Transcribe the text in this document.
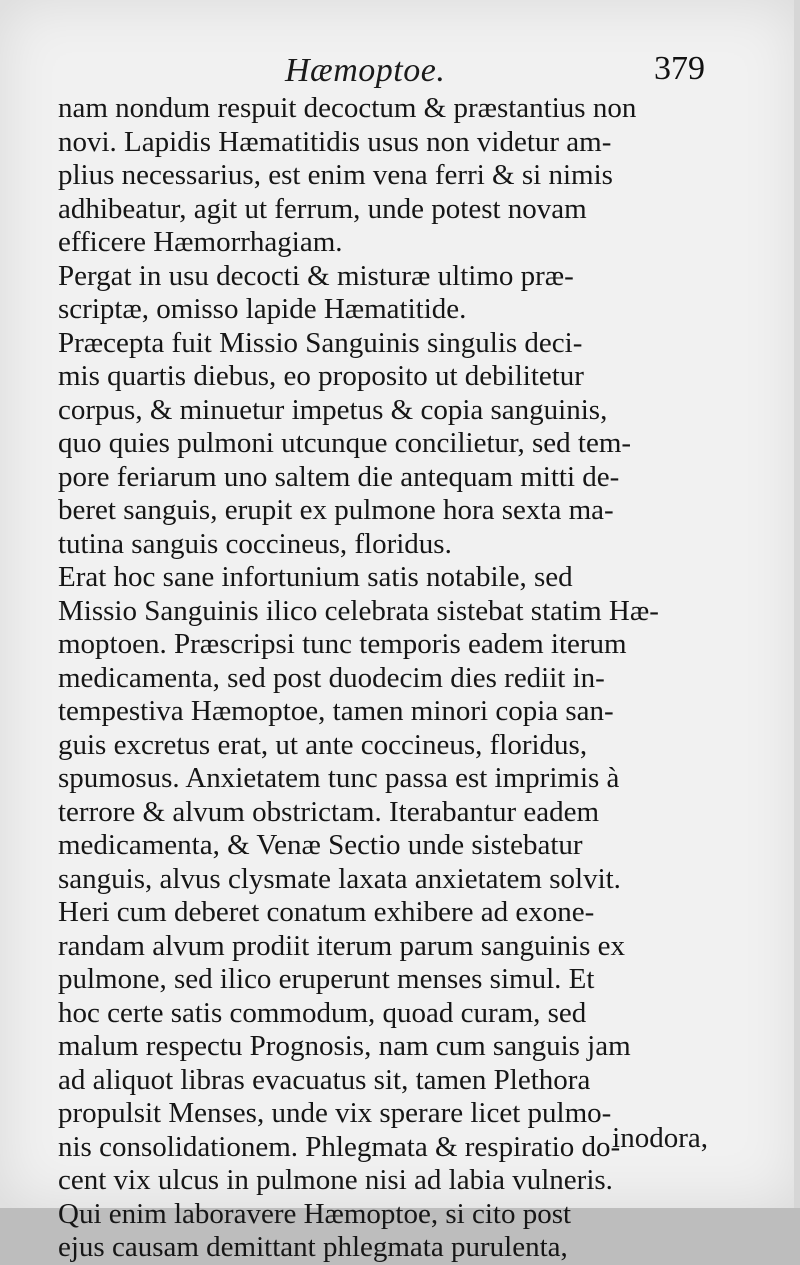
Hæmoptoe.	379
nam nondum respuit decoctum & præstantius non
novi. Lapidis Hæmatitidis usus non videtur am-
plius necessarius, est enim vena ferri & si nimis
adhibeatur, agit ut ferrum, unde potest novam
efficere Hæmorrhagiam.
Pergat in usu decocti & misturæ ultimo præ-
scriptæ, omisso lapide Hæmatitide.
Præcepta fuit Missio Sanguinis singulis deci-
mis quartis diebus, eo proposito ut debilitetur
corpus, & minuetur impetus & copia sanguinis,
quo quies pulmoni utcunque concilietur, sed tem-
pore feriarum uno saltem die antequam mitti de-
beret sanguis, erupit ex pulmone hora sexta ma-
tutina sanguis coccineus, floridus.
Erat hoc sane infortunium satis notabile, sed
Missio Sanguinis ilico celebrata sistebat statim Hæ-
moptoen. Præscripsi tunc temporis eadem iterum
medicamenta, sed post duodecim dies rediit in-
tempestiva Hæmoptoe, tamen minori copia san-
guis excretus erat, ut ante coccineus, floridus,
spumosus. Anxietatem tunc passa est imprimis à
terrore & alvum obstrictam. Iterabantur eadem
medicamenta, & Venæ Sectio unde sistebatur
sanguis, alvus clysmate laxata anxietatem solvit.
Heri cum deberet conatum exhibere ad exone-
randam alvum prodiit iterum parum sanguinis ex
pulmone, sed ilico eruperunt menses simul. Et
hoc certe satis commodum, quoad curam, sed
malum respectu Prognosis, nam cum sanguis jam
ad aliquot libras evacuatus sit, tamen Plethora
propulsit Menses, unde vix sperare licet pulmo-
nis consolidationem. Phlegmata & respiratio do-
cent vix ulcus in pulmone nisi ad labia vulneris.
Qui enim laboravere Hæmoptoe, si cito post
ejus causam demittant phlegmata purulenta,
inodora,
